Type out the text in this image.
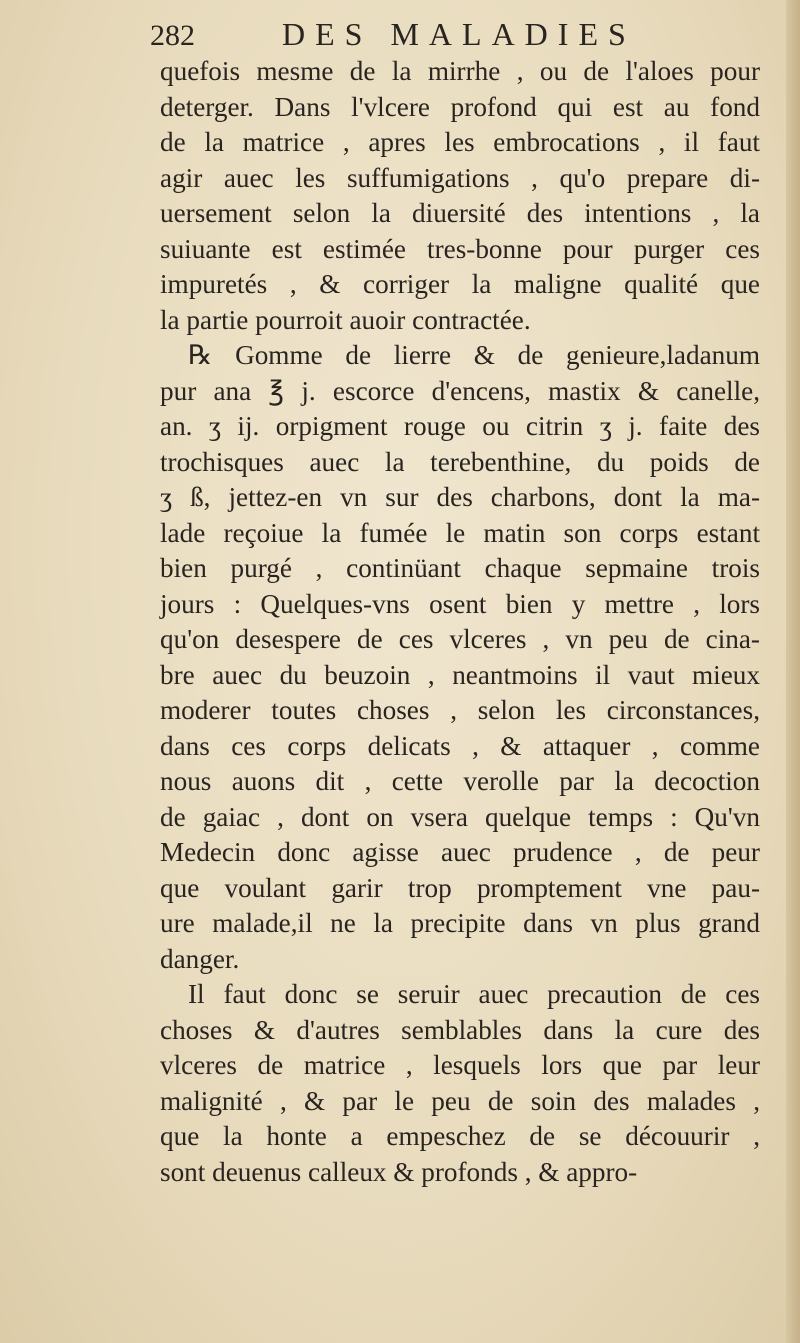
282	DES MALADIES
quefois mesme de la mirrhe , ou de l'aloes pour
deterger. Dans l'vlcere profond qui est au fond
de la matrice , apres les embrocations , il faut
agir auec les suffumigations , qu'o prepare di-
uersement selon la diuersité des intentions , la
suiuante est estimée tres-bonne pour purger ces
impuretés , & corriger la maligne qualité que
la partie pourroit auoir contractée.
℞ Gomme de lierre & de genieure,ladanum
pur ana ℥ j. escorce d'encens, mastix & canelle,
an. ʒ ij. orpigment rouge ou citrin ʒ j. faite des
trochisques auec la terebenthine, du poids de
ʒ ß, jettez-en vn sur des charbons, dont la ma-
lade reçoiue la fumée le matin son corps estant
bien purgé , continüant chaque sepmaine trois
jours : Quelques-vns osent bien y mettre , lors
qu'on desespere de ces vlceres , vn peu de cina-
bre auec du beuzoin , neantmoins il vaut mieux
moderer toutes choses , selon les circonstances,
dans ces corps delicats , & attaquer , comme
nous auons dit , cette verolle par la decoction
de gaiac , dont on vsera quelque temps : Qu'vn
Medecin donc agisse auec prudence , de peur
que voulant garir trop promptement vne pau-
ure malade,il ne la precipite dans vn plus grand
danger.
Il faut donc se seruir auec precaution de ces
choses & d'autres semblables dans la cure des
vlceres de matrice , lesquels lors que par leur
malignité , & par le peu de soin des malades ,
que la honte a empeschez de se découurir ,
sont deuenus calleux & profonds , & appro-
